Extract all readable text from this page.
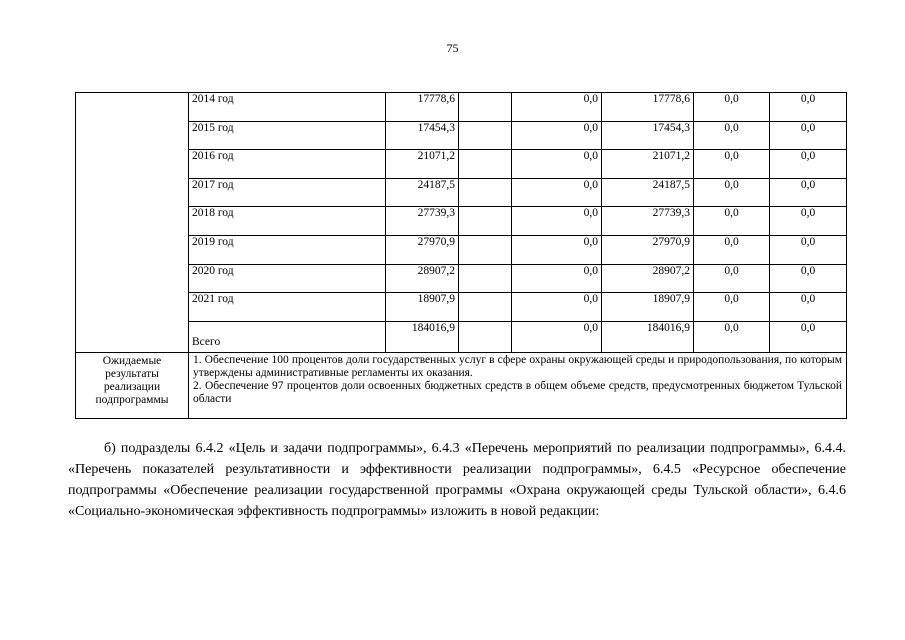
75
	2014 год	17778,6		0,0	17778,6	0,0	0,0
	2015 год	17454,3		0,0	17454,3	0,0	0,0
	2016 год	21071,2		0,0	21071,2	0,0	0,0
	2017 год	24187,5		0,0	24187,5	0,0	0,0
	2018 год	27739,3		0,0	27739,3	0,0	0,0
	2019 год	27970,9		0,0	27970,9	0,0	0,0
	2020 год	28907,2		0,0	28907,2	0,0	0,0
	2021 год	18907,9		0,0	18907,9	0,0	0,0
	Всего	184016,9		0,0	184016,9	0,0	0,0
Ожидаемые результаты реализации подпрограммы	1. Обеспечение 100 процентов доли государственных услуг в сфере охраны окружающей среды и природопользования, по которым утверждены административные регламенты их оказания.

2. Обеспечение 97 процентов доли освоенных бюджетных средств в общем объеме средств, предусмотренных бюджетом Тульской области						

б) подразделы 6.4.2 «Цель и задачи подпрограммы», 6.4.3 «Перечень мероприятий по реализации подпрограммы», 6.4.4. «Перечень показателей результативности и эффективности реализации подпрограммы», 6.4.5 «Ресурсное обеспечение подпрограммы «Обеспечение реализации государственной программы «Охрана окружающей среды Тульской области», 6.4.6 «Социально-экономическая эффективность подпрограммы» изложить в новой редакции:
